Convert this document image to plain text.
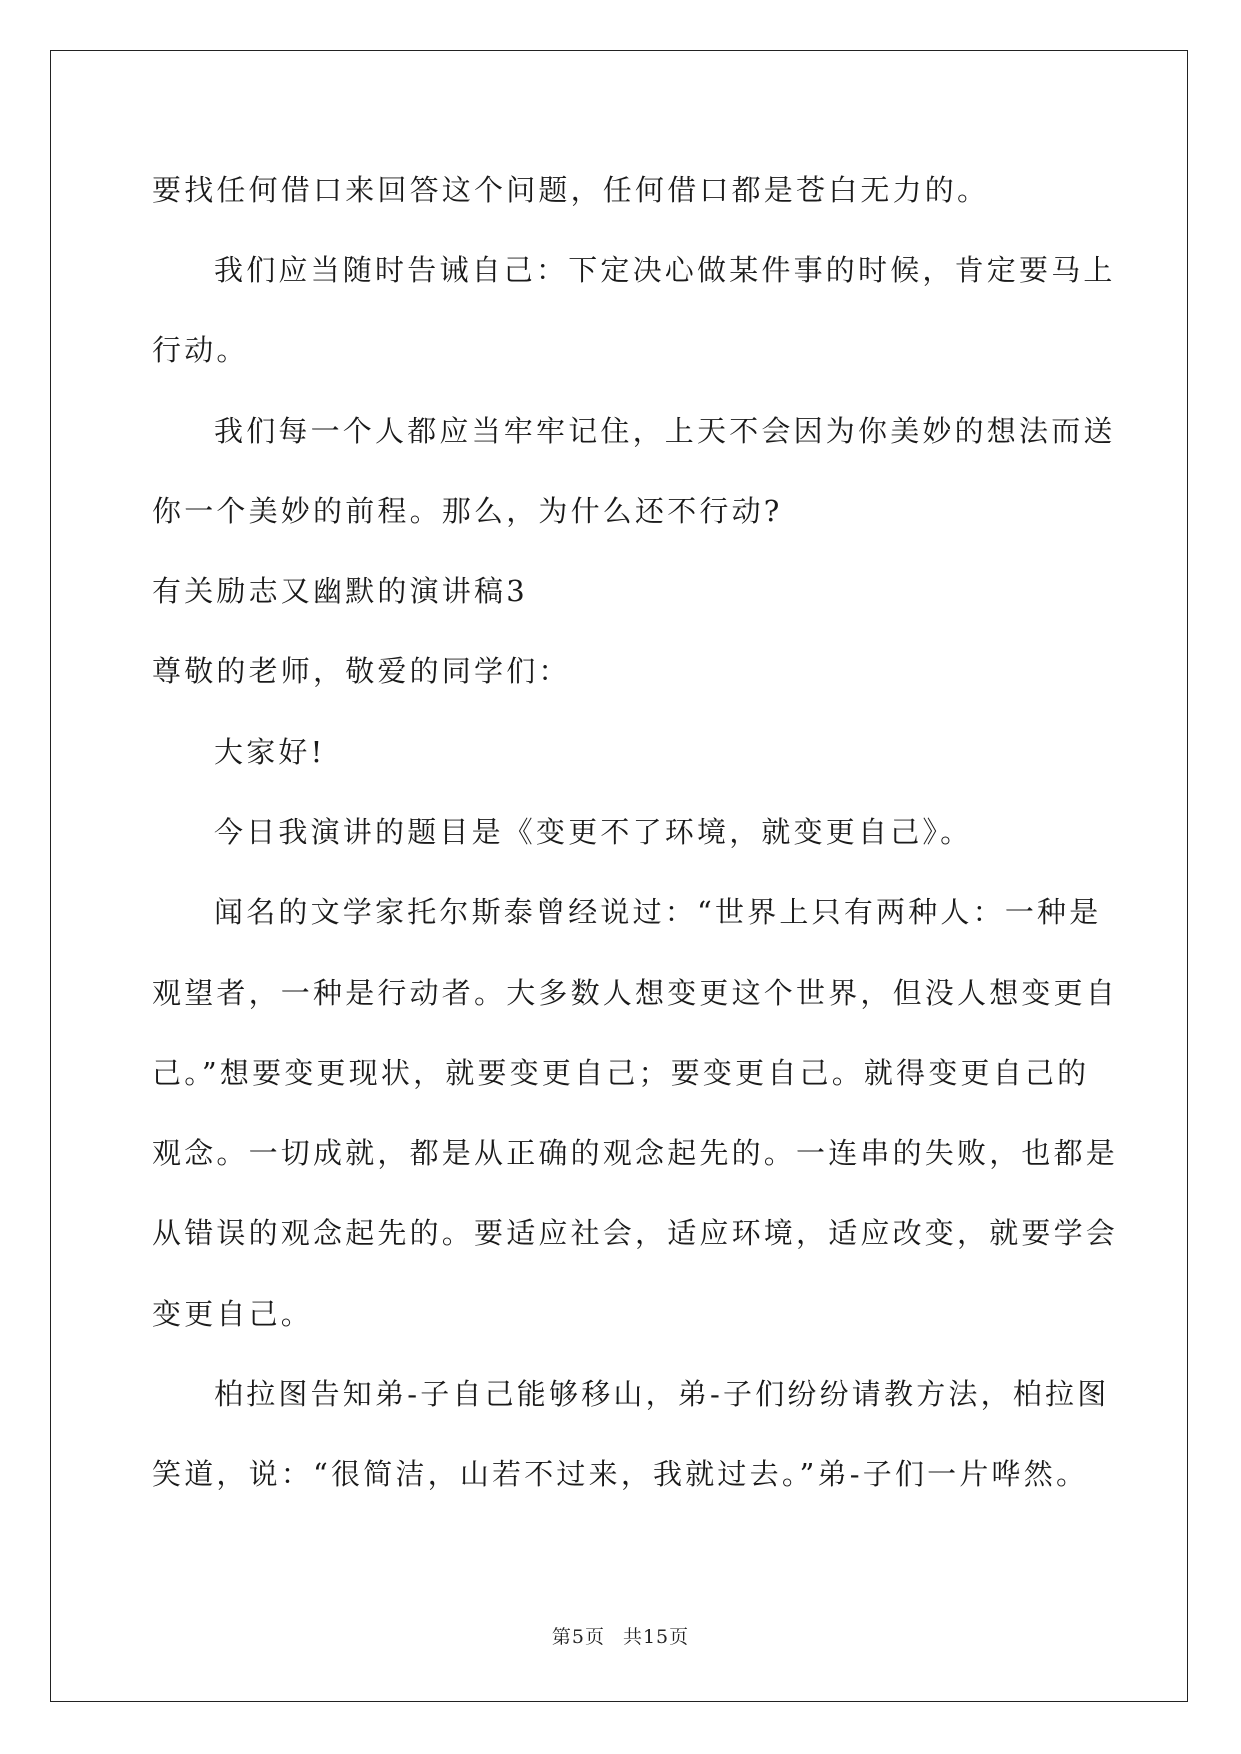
要找任何借口来回答这个问题，任何借口都是苍白无力的。
我们应当随时告诫自己：下定决心做某件事的时候，肯定要马上
行动。
我们每一个人都应当牢牢记住，上天不会因为你美妙的想法而送
你一个美妙的前程。那么，为什么还不行动?
有关励志又幽默的演讲稿3
尊敬的老师，敬爱的同学们：
大家好!
今日我演讲的题目是《变更不了环境，就变更自己》。
闻名的文学家托尔斯泰曾经说过：“世界上只有两种人：一种是
观望者，一种是行动者。大多数人想变更这个世界，但没人想变更自
己。”想要变更现状，就要变更自己；要变更自己。就得变更自己的
观念。一切成就，都是从正确的观念起先的。一连串的失败，也都是
从错误的观念起先的。要适应社会，适应环境，适应改变，就要学会
变更自己。
柏拉图告知弟-子自己能够移山，弟-子们纷纷请教方法，柏拉图
笑道，说：“很简洁，山若不过来，我就过去。”弟-子们一片哗然。
第5页 共15页
